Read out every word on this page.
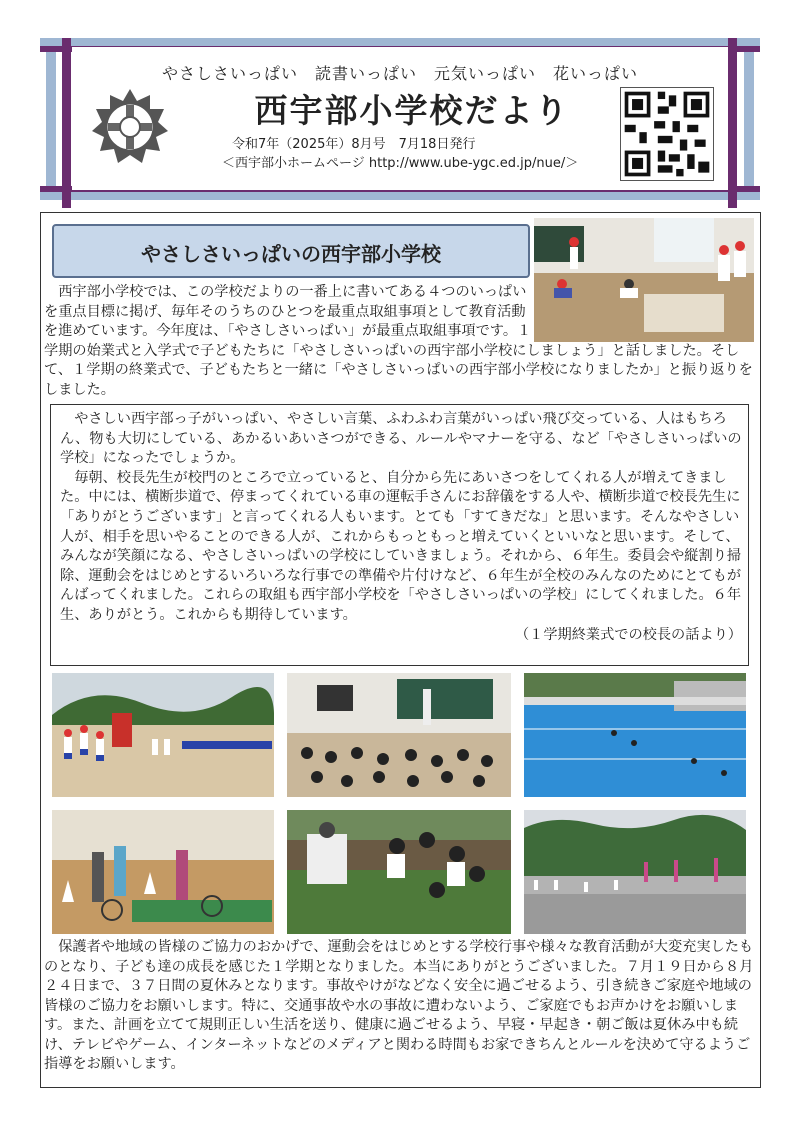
やさしさいっぱい　読書いっぱい　元気いっぱい　花いっぱい
西宇部小学校だより
令和7年（2025年）8月号　7月18日発行
＜西宇部小ホームページ http://www.ube-ygc.ed.jp/nue/＞
やさしさいっぱいの西宇部小学校
　西宇部小学校では、この学校だよりの一番上に書いてある４つのいっぱいを重点目標に掲げ、毎年そのうちのひとつを最重点取組事項として教育活動を進めています。今年度は、「やさしさいっぱい」が最重点取組事項です。１学期の始業式と入学式で子どもたちに「やさしさいっぱいの西宇部小学校にしましょう」と話しました。そして、１学期の終業式で、子どもたちと一緒に「やさしさいっぱいの西宇部小学校になりましたか」と振り返りをしました。
　やさしい西宇部っ子がいっぱい、やさしい言葉、ふわふわ言葉がいっぱい飛び交っている、人はもちろん、物も大切にしている、あかるいあいさつができる、ルールやマナーを守る、など「やさしさいっぱいの学校」になったでしょうか。
　毎朝、校長先生が校門のところで立っていると、自分から先にあいさつをしてくれる人が増えてきました。中には、横断歩道で、停まってくれている車の運転手さんにお辞儀をする人や、横断歩道で校長先生に「ありがとうございます」と言ってくれる人もいます。とても「すてきだな」と思います。そんなやさしい人が、相手を思いやることのできる人が、これからもっともっと増えていくといいなと思います。そして、みんなが笑顔になる、やさしさいっぱいの学校にしていきましょう。それから、６年生。委員会や縦割り掃除、運動会をはじめとするいろいろな行事での準備や片付けなど、６年生が全校のみんなのためにとてもがんばってくれました。これらの取組も西宇部小学校を「やさしさいっぱいの学校」にしてくれました。６年生、ありがとう。これからも期待しています。
（１学期終業式での校長の話より）
　保護者や地域の皆様のご協力のおかげで、運動会をはじめとする学校行事や様々な教育活動が大変充実したものとなり、子ども達の成長を感じた１学期となりました。本当にありがとうございました。７月１９日から８月２４日まで、３７日間の夏休みとなります。事故やけがなどなく安全に過ごせるよう、引き続きご家庭や地域の皆様のご協力をお願いします。特に、交通事故や水の事故に遭わないよう、ご家庭でもお声かけをお願いします。また、計画を立てて規則正しい生活を送り、健康に過ごせるよう、早寝・早起き・朝ご飯は夏休み中も続け、テレビやゲーム、インターネットなどのメディアと関わる時間もお家できちんとルールを決めて守るようご指導をお願いします。
